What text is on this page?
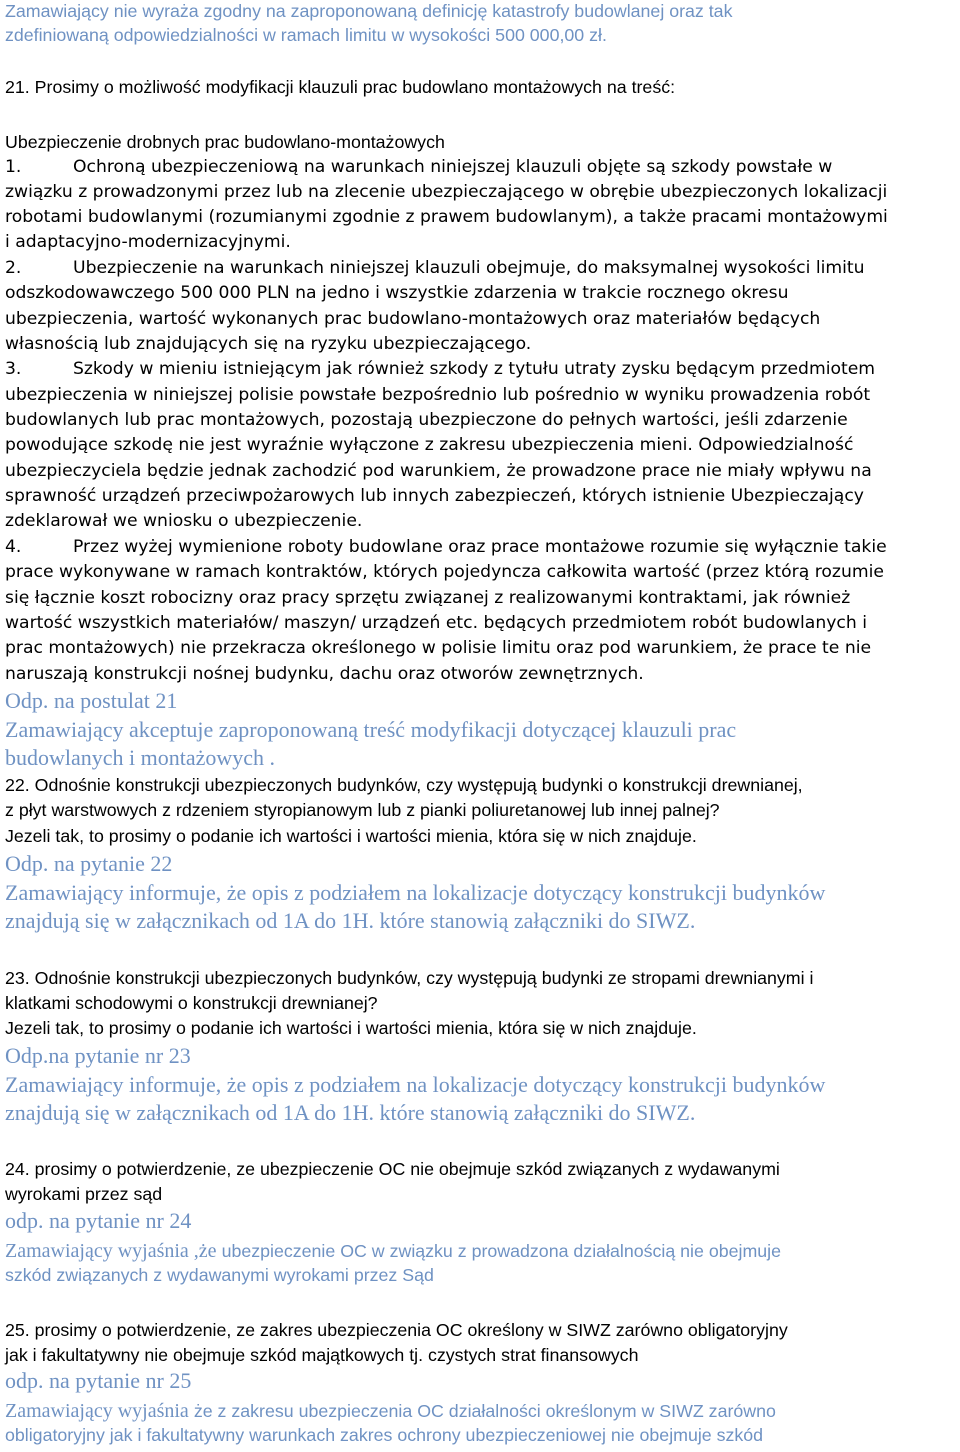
Zamawiający nie wyraża zgodny na zaproponowaną definicję katastrofy budowlanej oraz tak
zdefiniowaną odpowiedzialności w ramach limitu w wysokości 500 000,00 zł.
21. Prosimy o możliwość modyfikacji klauzuli prac budowlano montażowych na treść:
Ubezpieczenie drobnych prac budowlano-montażowych
1.	Ochroną ubezpieczeniową na warunkach niniejszej klauzuli objęte są szkody powstałe w
związku z prowadzonymi przez lub na zlecenie ubezpieczającego w obrębie ubezpieczonych lokalizacji
robotami budowlanymi (rozumianymi zgodnie z prawem budowlanym), a także pracami montażowymi
i adaptacyjno-modernizacyjnymi.
2.	Ubezpieczenie na warunkach niniejszej klauzuli obejmuje, do maksymalnej wysokości limitu
odszkodowawczego 500 000 PLN na jedno i wszystkie zdarzenia w trakcie rocznego okresu
ubezpieczenia, wartość wykonanych prac budowlano-montażowych oraz materiałów będących
własnością lub znajdujących się na ryzyku ubezpieczającego.
3.	Szkody w mieniu istniejącym jak również szkody z tytułu utraty zysku będącym przedmiotem
ubezpieczenia w niniejszej polisie powstałe bezpośrednio lub pośrednio w wyniku prowadzenia robót
budowlanych lub prac montażowych, pozostają ubezpieczone do pełnych wartości, jeśli zdarzenie
powodujące szkodę nie jest wyraźnie wyłączone z zakresu ubezpieczenia mieni. Odpowiedzialność
ubezpieczyciela będzie jednak zachodzić pod warunkiem, że prowadzone prace nie miały wpływu na
sprawność urządzeń przeciwpożarowych lub innych zabezpieczeń, których istnienie Ubezpieczający
zdeklarował we wniosku o ubezpieczenie.
4.	Przez wyżej wymienione roboty budowlane oraz prace montażowe rozumie się wyłącznie takie
prace wykonywane w ramach kontraktów, których pojedyncza całkowita wartość (przez którą rozumie
się łącznie koszt robocizny oraz pracy sprzętu związanej z realizowanymi kontraktami, jak również
wartość wszystkich materiałów/ maszyn/ urządzeń etc. będących przedmiotem robót budowlanych i
prac montażowych) nie przekracza określonego w polisie limitu oraz pod warunkiem, że prace te nie
naruszają konstrukcji nośnej budynku, dachu oraz otworów zewnętrznych.
Odp. na postulat 21
Zamawiający akceptuje zaproponowaną treść modyfikacji dotyczącej klauzuli prac
budowlanych i montażowych .
22. Odnośnie konstrukcji ubezpieczonych budynków, czy występują budynki o konstrukcji drewnianej,
z płyt warstwowych z rdzeniem styropianowym lub z pianki poliuretanowej lub innej palnej?
Jezeli tak, to prosimy o podanie ich wartości i wartości mienia, która się w nich znajduje.
Odp. na pytanie 22
Zamawiający informuje, że opis z podziałem na lokalizacje dotyczący konstrukcji budynków
znajdują się w załącznikach od 1A do 1H. które stanowią załączniki do SIWZ.
23. Odnośnie konstrukcji ubezpieczonych budynków, czy występują budynki ze stropami drewnianymi i
klatkami schodowymi o konstrukcji drewnianej?
Jezeli tak, to prosimy o podanie ich wartości i wartości mienia, która się w nich znajduje.
Odp.na pytanie nr 23
Zamawiający informuje, że opis z podziałem na lokalizacje dotyczący konstrukcji budynków
znajdują się w załącznikach od 1A do 1H. które stanowią załączniki do SIWZ.
24. prosimy o potwierdzenie, ze ubezpieczenie OC nie obejmuje szkód związanych z wydawanymi
wyrokami przez sąd
odp. na pytanie nr 24
Zamawiający wyjaśnia ,że ubezpieczenie OC w związku z prowadzona działalnością nie obejmuje
szkód związanych z wydawanymi wyrokami przez Sąd
25. prosimy o potwierdzenie, ze zakres ubezpieczenia OC określony w SIWZ zarówno obligatoryjny
jak i fakultatywny nie obejmuje szkód majątkowych tj. czystych strat finansowych
odp. na pytanie nr 25
Zamawiający wyjaśnia że z zakresu ubezpieczenia OC działalności określonym w SIWZ zarówno
obligatoryjny jak i fakultatywny warunkach zakres ochrony ubezpieczeniowej nie obejmuje szkód
